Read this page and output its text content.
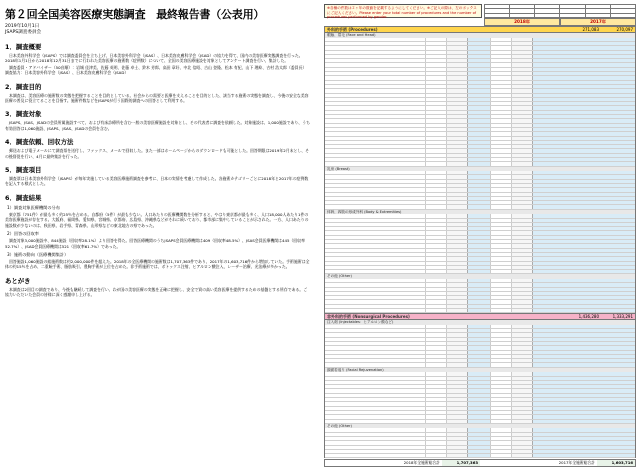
第２回全国美容医療実態調査　最終報告書（公表用）

2019年10月1日

JSAPS調査委員会

1．調査概要

日本美容外科学会（JSAPS）では調査委員会を立ち上げ、日本美容外科学会（JSAS）、日本美容皮膚科学会（JSAD）の協力を得て、国内の美容医療実態調査を行った。2018年1月1日から2018年12月31日までに行われた美容医療の施術数（症例数）について、全国の美容医療施設を対象としてアンケート調査を行い、集計した。

調査委員・アドバイザー（50音順）：岩城 佳津美、佐藤 英明、佐藤 卓士、鈴木 芳郎、高田 章好、中北 信昭、古山 登隆、松本 有紀、山下 理絵、吉村 浩太郎（委員長）調査協力：日本美容外科学会（JSAS）、日本美容皮膚科学会（JSAD）

2．調査目的

本調査は、美容医療の施術数の実態を把握することを目的としている。社会からの需要と医療を支えることを目的とした、該当する施術の実態を調査し、今後の安全な美容医療の普及に役立てることを目指す。施術件数などをJSAPSが行う国際的調査への回答として利用する。

3．調査対象

JSAPS、JSAS、JSADの会員所属施設すべて、および有床診療所を含む一般の美容医療施設を対象とし、その代表者に調査を依頼した。対象施設は、1,000施設であり、うち有効回答は1,060施設、JSAPS、JSAS、JSADの会員を含む。

4．調査依頼、回収方法

郵送および電子メールにて調査票を送付し、ファックス、メールで回収した。また一部はホームページからのダウンロードも可能とした。回答期限は2019年2月末とし、その後督促を行い、4月に最終集計を行った。

5．調査項目

調査票は日本美容外科学会（JSAPS）が毎年実施している美容医療施術調査を参考に、日本の実情を考慮して作成した。各施術カテゴリーごとに2018年と2017年の症例数を記入する様式とした。

6．調査結果
1）調査対象医療機関の分布

東京都（751件）が最も多く約25％を占める。自都府（5件）が最も少ない。人口あたりの医療機関数を分析すると、やはり東京都が最も多く、人口18,000人あたり1件の美容医療施設が存在する。大阪府、福岡県、愛知県、宮城県、京都府、広島県、沖縄県などがそれに続いており、都市部に集中していることが示された。一方、人口あたりの施設数が少ないのは、秋田県、岩手県、青森県、山形県などの東北地方の県であった。

2）回答の回収率

調査対象3,000施設中、844施設（回収率28.1%）より回答を得た。回答医療機関のうちJSAPS会員医療機関は409（回収率48.5%）、JSAS会員医療機関は445（回収率52.7%）、JSAD会員医療機関は521（回収率61.7%）であった。

3）施術の動向（医療機関集計）

回答施設1,060施設の総施術数は約2,000,000件を超えた。2018年の全医療機関の施術数は1,707,363件であり、2017年の1,603,716件から増加していた。手術施術は全体の約15％を占め、二重瞼手術、脂肪吸引、豊胸手術が上位を占めた。非手術施術では、ボトックス注射、ヒアルロン酸注入、レーザー治療、光治療が多かった。

あとがき

本調査は2回目の調査であり、今後も継続して調査を行い、わが国の美容医療の実態を正確に把握し、安全で質の高い美容医療を提供するための基盤とする所存である。ご協力いただいた会員の皆様に深く感謝申し上げる。

※各種の件数は２ヶ年の数値を記載するようにしてください。※ご記入の際は、左のボックスにご記入ください。Please enter your total number of procedures and the number of procedures performed by gender.

2018年	2017年
外科的手術 (Procedures)	271,083	270,097
眼瞼、眉毛 (Face and Head)
乳房 (Breast)
体幹、四肢の形成外科 (Body & Extremities)
その他 (Other)
非外科的手術 (Nonsurgical Procedures)	1,436,280	1,333,291
注入剤 (Injectables：ヒアルロン酸など)
顔面若返り (Facial Rejuvenation)
その他 (Other)
2018年全施術総合計	1,707,363	2017年全施術総合計	1,603,716
